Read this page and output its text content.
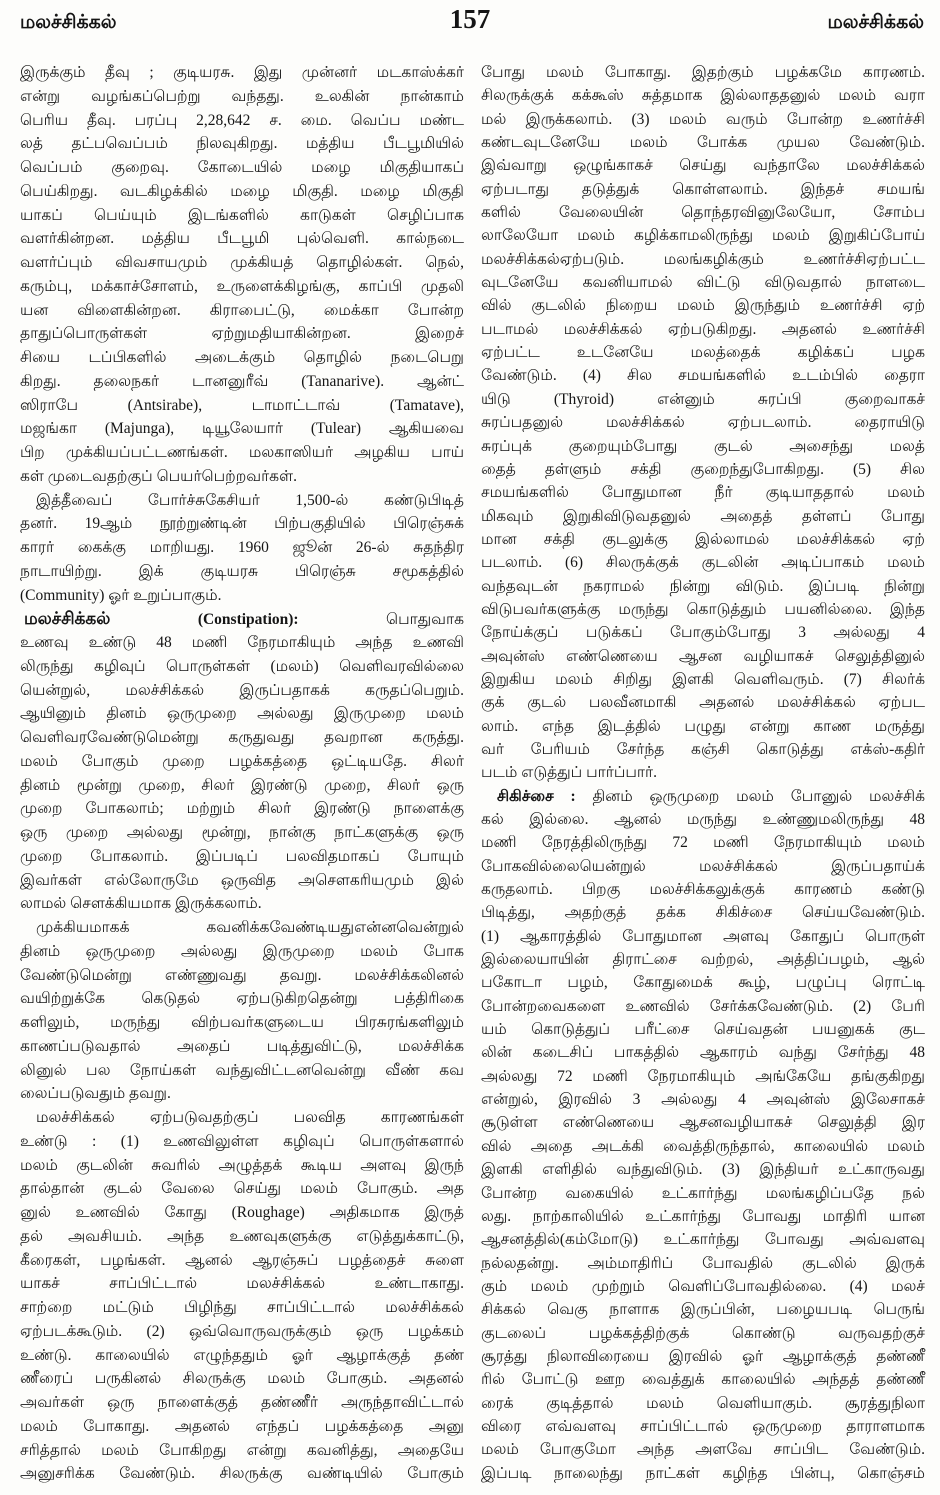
மலச்சிக்கல்	157	மலச்சிக்கல்
இருக்கும் தீவு ; குடியரசு. இது முன்னர் மடகாஸ்க்கர்
என்று வழங்கப்பெற்று வந்தது. உலகின் நான்காம்
பெரிய தீவு. பரப்பு 2,28,642 ச. மை. வெப்ப மண்ட
லத் தட்பவெப்பம் நிலவுகிறது. மத்திய பீடபூமியில்
வெப்பம் குறைவு. கோடையில் மழை மிகுதியாகப்
பெய்கிறது. வடகிழக்கில் மழை மிகுதி. மழை மிகுதி
யாகப் பெய்யும் இடங்களில் காடுகள் செழிப்பாக
வளர்கின்றன. மத்திய பீடபூமி புல்வெளி. கால்நடை
வளர்ப்பும் விவசாயமும் முக்கியத் தொழில்கள். நெல்,
கரும்பு, மக்காச்சோளம், உருளைக்கிழங்கு, காப்பி முதலி
யன விளைகின்றன. கிராபைட்டு, மைக்கா போன்ற
தாதுப்பொருள்கள் ஏற்றுமதியாகின்றன. இறைச்
சியை டப்பிகளில் அடைக்கும் தொழில் நடைபெறு
கிறது. தலைநகர் டானனுரீவ் (Tananarive). ஆன்ட்
ஸிராபே (Antsirabe), டாமாட்டாவ் (Tamatave),
மஜங்கா (Majunga), டியூலேயார் (Tulear) ஆகியவை
பிற முக்கியப்பட்டணங்கள். மலகாஸியர் அழகிய பாய்
கள் முடைவதற்குப் பெயர்பெற்றவர்கள்.
இத்தீவைப் போர்ச்சுகேசியர் 1,500-ல் கண்டுபிடித்
தனர். 19ஆம் நூற்றுண்டின் பிற்பகுதியில் பிரெஞ்சுக்
காரர் கைக்கு மாறியது. 1960 ஜூன் 26-ல் சுதந்திர
நாடாயிற்று. இக் குடியரசு பிரெஞ்சு சமூகத்தில்
(Community) ஓர் உறுப்பாகும்.
மலச்சிக்கல்	(Constipation):	பொதுவாக
உணவு உண்டு 48 மணி நேரமாகியும் அந்த உணவி
லிருந்து கழிவுப் பொருள்கள் (மலம்) வெளிவரவில்லை
யென்றுல், மலச்சிக்கல் இருப்பதாகக் கருதப்பெறும்.
ஆயினும் தினம் ஒருமுறை அல்லது இருமுறை மலம்
வெளிவரவேண்டுமென்று கருதுவது தவறான கருத்து.
மலம் போகும் முறை பழக்கத்தை ஒட்டியதே. சிலர்
தினம் மூன்று முறை, சிலர் இரண்டு முறை, சிலர் ஒரு
முறை போகலாம்; மற்றும் சிலர் இரண்டு நாளைக்கு
ஒரு முறை அல்லது மூன்று, நான்கு நாட்களுக்கு ஒரு
முறை போகலாம். இப்படிப் பலவிதமாகப் போயும்
இவர்கள் எல்லோருமே ஒருவித அசௌகரியமும் இல்
லாமல் சௌக்கியமாக இருக்கலாம்.
முக்கியமாகக் கவனிக்கவேண்டியதுஎன்னவென்றுல்
தினம் ஒருமுறை அல்லது இருமுறை மலம் போக
வேண்டுமென்று எண்ணுவது தவறு. மலச்சிக்கலினல்
வயிற்றுக்கே கெடுதல் ஏற்படுகிறதென்று பத்திரிகை
களிலும், மருந்து விற்பவர்களுடைய பிரசுரங்களிலும்
காணப்படுவதால் அதைப் படித்துவிட்டு, மலச்சிக்க
லினுல் பல நோய்கள் வந்துவிட்டனவென்று வீண் கவ
லைப்படுவதும் தவறு.
மலச்சிக்கல் ஏற்படுவதற்குப் பலவித காரணங்கள்
உண்டு : (1) உணவிலுள்ள கழிவுப் பொருள்களால்
மலம் குடலின் சுவரில் அழுத்தக் கூடிய அளவு இருந்
தால்தான் குடல் வேலை செய்து மலம் போகும். அத
னுல் உணவில் கோது (Roughage) அதிகமாக இருத்
தல் அவசியம். அந்த உணவுகளுக்கு எடுத்துக்காட்டு,
கீரைகள், பழங்கள். ஆனல் ஆரஞ்சுப் பழத்தைச் சுளை
யாகச் சாப்பிட்டால் மலச்சிக்கல் உண்டாகாது.
சாற்றை மட்டும் பிழிந்து சாப்பிட்டால் மலச்சிக்கல்
ஏற்படக்கூடும். (2) ஒவ்வொருவருக்கும் ஒரு பழக்கம்
உண்டு. காலையில் எழுந்ததும் ஓர் ஆழாக்குத் தண்
ணீரைப் பருகினல் சிலருக்கு மலம் போகும். அதனல்
அவர்கள் ஒரு நாளைக்குத் தண்ணீர் அருந்தாவிட்டால்
மலம் போகாது. அதனல் எந்தப் பழக்கத்தை அனு
சரித்தால் மலம் போகிறது என்று கவனித்து, அதையே
அனுசரிக்க வேண்டும். சிலருக்கு வண்டியில் போகும்
போது மலம் போகாது. இதற்கும் பழக்கமே காரணம்.
சிலருக்குக் கக்கூஸ் சுத்தமாக இல்லாததனுல் மலம் வரா
மல் இருக்கலாம். (3) மலம் வரும் போன்ற உணர்ச்சி
கண்டவுடனேயே மலம் போக்க முயல வேண்டும்.
இவ்வாறு ஒழுங்காகச் செய்து வந்தாலே மலச்சிக்கல்
ஏற்படாது தடுத்துக் கொள்ளலாம். இந்தச் சமயங்
களில் வேலையின் தொந்தரவினுலேயோ, சோம்ப
லாலேயோ மலம் கழிக்காமலிருந்து மலம் இறுகிப்போய்
மலச்சிக்கல்ஏற்படும். மலங்கழிக்கும் உணர்ச்சிஏற்பட்ட
வுடனேயே கவனியாமல் விட்டு விடுவதால் நாளடை
வில் குடலில் நிறைய மலம் இருந்தும் உணர்ச்சி ஏற்
படாமல் மலச்சிக்கல் ஏற்படுகிறது. அதனல் உணர்ச்சி
ஏற்பட்ட உடனேயே மலத்தைக் கழிக்கப் பழக
வேண்டும். (4) சில சமயங்களில் உடம்பில் தைரா
யிடு (Thyroid) என்னும் சுரப்பி குறைவாகச்
சுரப்பதனுல் மலச்சிக்கல் ஏற்படலாம். தைராயிடு
சுரப்புக் குறையும்போது குடல் அசைந்து மலத்
தைத் தள்ளும் சக்தி குறைந்துபோகிறது. (5) சில
சமயங்களில் போதுமான நீர் குடியாததால் மலம்
மிகவும் இறுகிவிடுவதனுல் அதைத் தள்ளப் போது
மான சக்தி குடலுக்கு இல்லாமல் மலச்சிக்கல் ஏற்
படலாம். (6) சிலருக்குக் குடலின் அடிப்பாகம் மலம்
வந்தவுடன் நகராமல் நின்று விடும். இப்படி நின்று
விடுபவர்களுக்கு மருந்து கொடுத்தும் பயனில்லை. இந்த
நோய்க்குப் படுக்கப் போகும்போது 3 அல்லது 4
அவுன்ஸ் எண்ணெயை ஆசன வழியாகச் செலுத்தினுல்
இறுகிய மலம் சிறிது இளகி வெளிவரும். (7) சிலர்க்
குக் குடல் பலவீனமாகி அதனல் மலச்சிக்கல் ஏற்பட
லாம். எந்த இடத்தில் பழுது என்று காண மருத்து
வர் பேரியம் சேர்ந்த கஞ்சி கொடுத்து எக்ஸ்-கதிர்
படம் எடுத்துப் பார்ப்பார்.
சிகிச்சை : தினம் ஒருமுறை மலம் போனுல் மலச்சிக்
கல் இல்லை. ஆனல் மருந்து உண்ணுமலிருந்து 48
மணி நேரத்திலிருந்து 72 மணி நேரமாகியும் மலம்
போகவில்லையென்றுல் மலச்சிக்கல் இருப்பதாய்க்
கருதலாம். பிறகு மலச்சிக்கலுக்குக் காரணம் கண்டு
பிடித்து, அதற்குத் தக்க சிகிச்சை செய்யவேண்டும்.
(1) ஆகாரத்தில் போதுமான அளவு கோதுப் பொருள்
இல்லையாயின் திராட்சை வற்றல், அத்திப்பழம், ஆல்
பகோடா பழம், கோதுமைக் கூழ், பழுப்பு ரொட்டி
போன்றவைகளை உணவில் சேர்க்கவேண்டும். (2) பேரி
யம் கொடுத்துப் பரீட்சை செய்வதன் பயனுகக் குட
லின் கடைசிப் பாகத்தில் ஆகாரம் வந்து சேர்ந்து 48
அல்லது 72 மணி நேரமாகியும் அங்கேயே தங்குகிறது
என்றுல், இரவில் 3 அல்லது 4 அவுன்ஸ் இலேசாகச்
சூடுள்ள எண்ணெயை ஆசனவழியாகச் செலுத்தி இர
வில் அதை அடக்கி வைத்திருந்தால், காலையில் மலம்
இளகி எளிதில் வந்துவிடும். (3) இந்தியர் உட்காருவது
போன்ற வகையில் உட்கார்ந்து மலங்கழிப்பதே நல்
லது. நாற்காலியில் உட்கார்ந்து போவது மாதிரி யான
ஆசனத்தில்(கம்மோடு) உட்கார்ந்து போவது அவ்வளவு
நல்லதன்று. அம்மாதிரிப் போவதில் குடலில் இருக்
கும் மலம் முற்றும் வெளிப்போவதில்லை. (4) மலச்
சிக்கல் வெகு நாளாக இருப்பின், பழையபடி பெருங்
குடலைப் பழக்கத்திற்குக் கொண்டு வருவதற்குச்
சூரத்து நிலாவிரையை இரவில் ஓர் ஆழாக்குத் தண்ணீ
ரில் போட்டு ஊற வைத்துக் காலையில் அந்தத் தண்ணீ
ரைக் குடித்தால் மலம் வெளியாகும். சூரத்துநிலா
விரை எவ்வளவு சாப்பிட்டால் ஒருமுறை தாராளமாக
மலம் போகுமோ அந்த அளவே சாப்பிட வேண்டும்.
இப்படி நாலைந்து நாட்கள் கழிந்த பின்பு, கொஞ்சம்
